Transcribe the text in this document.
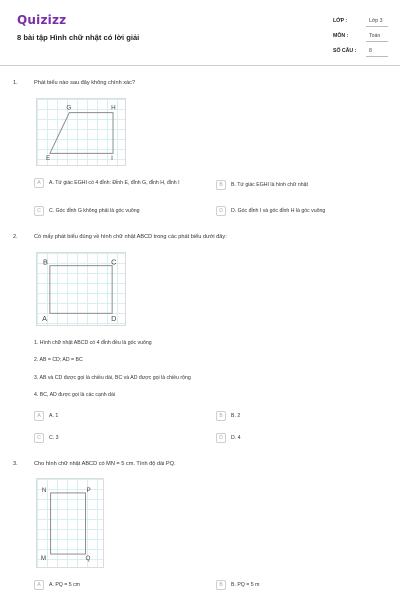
Quizizz
8 bài tập Hình chữ nhật có lời giải
LỚP :	Lớp 3
MÔN :	Toán
SỐ CÂU : 8
1.	Phát biểu nào sau đây không chính xác?
G	H
E	I
A	A. Tứ giác EGHI có 4 đỉnh: Đỉnh E, đỉnh G, đỉnh H, đỉnh I	B	B. Tứ giác EGHI là hình chữ nhật
C	C. Góc đỉnh G không phải là góc vuông	D	D. Góc đỉnh I và góc đỉnh H là góc vuông
2.	Có mấy phát biểu đúng về hình chữ nhật ABCD trong các phát biểu dưới đây:
B	C
A	D
1. Hình chữ nhật ABCD có 4 đỉnh đều là góc vuông
2. AB = CD; AD = BC
3. AB và CD được gọi là chiều dài, BC và AD được gọi là chiều rộng
4. BC, AD được gọi là các cạnh dài
A	A. 1	B	B. 2
C	C. 3	D	D. 4
3.	Cho hình chữ nhật ABCD có MN = 5 cm. Tính độ dài PQ.
N	P
M	Q
A	A. PQ = 5 cm	B	B. PQ = 5 m
